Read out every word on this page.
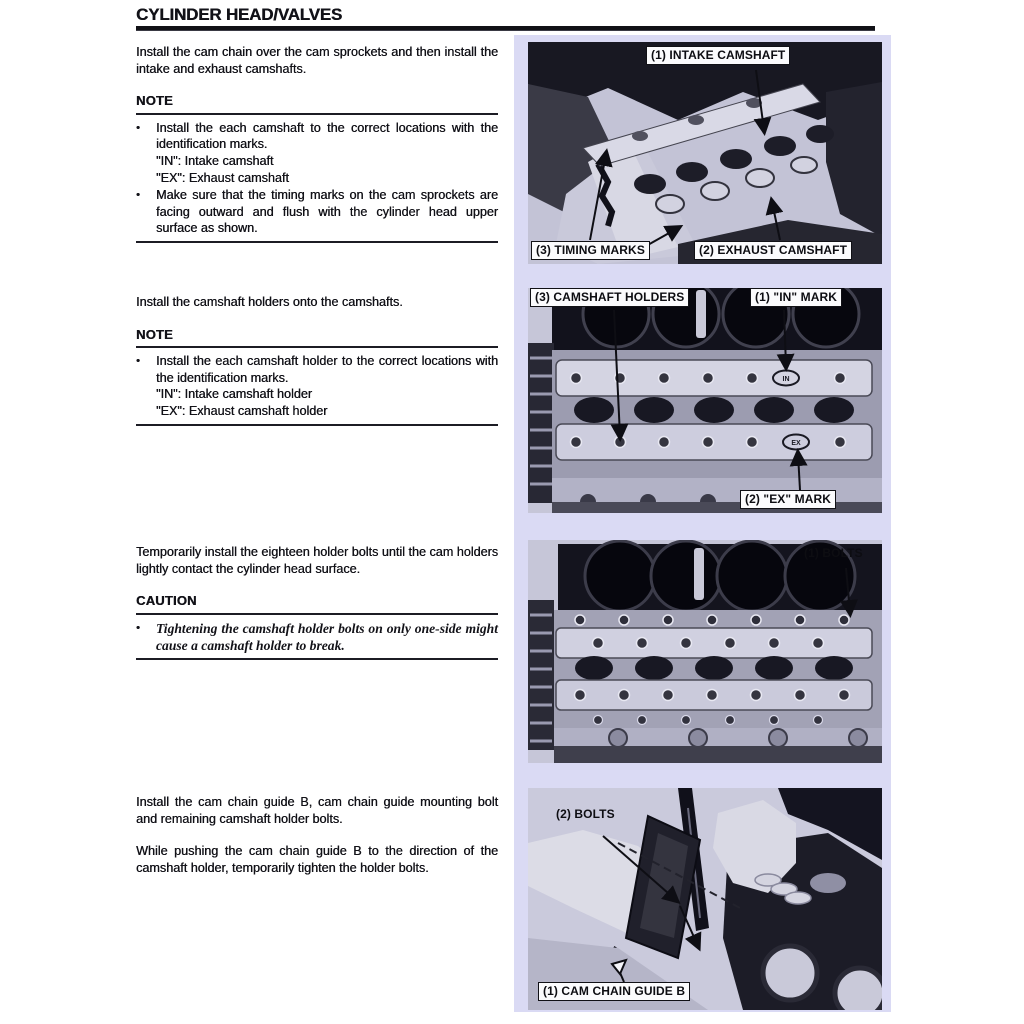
CYLINDER HEAD/VALVES

Install the cam chain over the cam sprockets and then install the intake and exhaust camshafts.

NOTE
•	Install the each camshaft to the correct locations with the identification marks.
"IN": Intake camshaft
"EX": Exhaust camshaft
•	Make sure that the timing marks on the cam sprockets are facing outward and flush with the cylinder head upper surface as shown.

Install the camshaft holders onto the camshafts.

NOTE
•	Install the each camshaft holder to the correct locations with the identification marks.
"IN": Intake camshaft holder
"EX": Exhaust camshaft holder

Temporarily install the eighteen holder bolts until the cam holders lightly contact the cylinder head surface.

CAUTION
•	Tightening the camshaft holder bolts on only one-side might cause a camshaft holder to break.

Install the cam chain guide B, cam chain guide mounting bolt and remaining camshaft holder bolts.

While pushing the cam chain guide B to the direction of the camshaft holder, temporarily tighten the holder bolts.

(1) INTAKE CAMSHAFT
(3) TIMING MARKS	(2) EXHAUST CAMSHAFT
IN
EX
(3) CAMSHAFT HOLDERS	(1) "IN" MARK
(2) "EX" MARK
(1) BOLTS
(2) BOLTS
(1) CAM CHAIN GUIDE B
